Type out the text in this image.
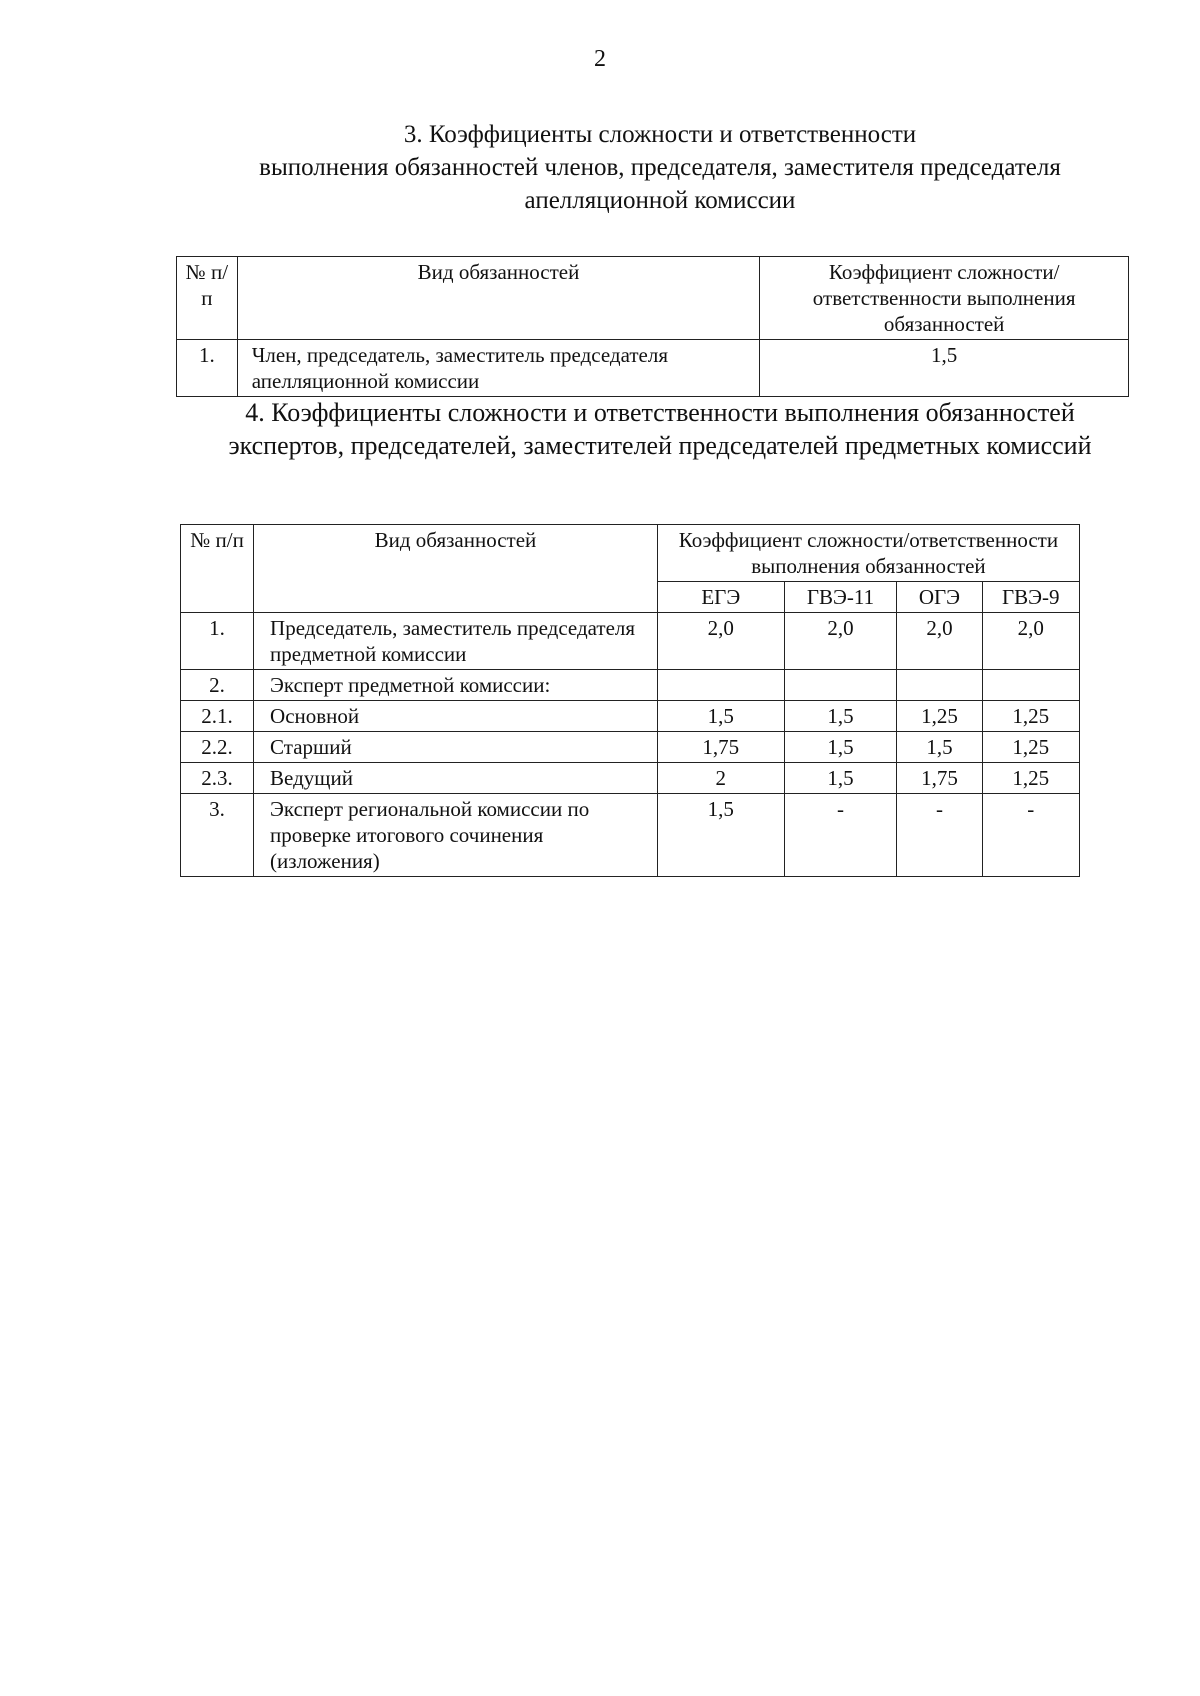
2
3. Коэффициенты сложности и ответственности
выполнения обязанностей членов, председателя, заместителя председателя
апелляционной комиссии
№ п/п	Вид обязанностей	Коэффициент сложности/ответственности выполнения обязанностей
1.	Член, председатель, заместитель председателя апелляционной комиссии	1,5
4. Коэффициенты сложности и ответственности выполнения обязанностей
экспертов, председателей, заместителей председателей предметных комиссий
№ п/п	Вид обязанностей	Коэффициент сложности/ответственности выполнения обязанностей			
		ЕГЭ	ГВЭ-11	ОГЭ	ГВЭ-9
1.	Председатель, заместитель председателя предметной комиссии	2,0	2,0	2,0	2,0
2.	Эксперт предметной комиссии:				
2.1.	Основной	1,5	1,5	1,25	1,25
2.2.	Старший	1,75	1,5	1,5	1,25
2.3.	Ведущий	2	1,5	1,75	1,25
3.	Эксперт региональной комиссии по проверке итогового сочинения (изложения)	1,5	-	-	-
